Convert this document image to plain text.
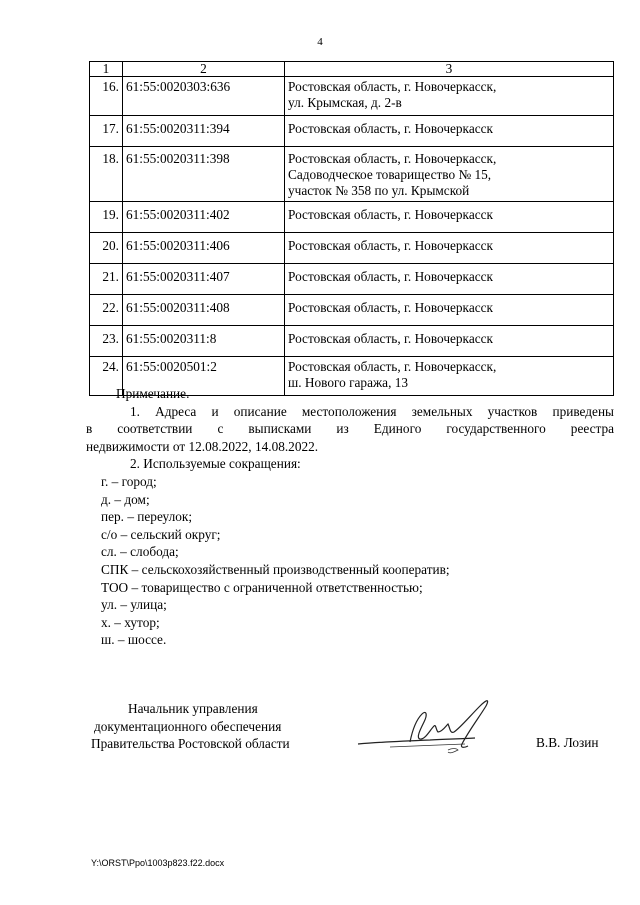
4
1	2	3
16.	61:55:0020303:636	Ростовская область, г. Новочеркасск,
ул. Крымская, д. 2-в

17.	61:55:0020311:394	Ростовская область, г. Новочеркасск

18.	61:55:0020311:398	Ростовская область, г. Новочеркасск,
Садоводческое товарищество № 15,
участок № 358 по ул. Крымской

19.	61:55:0020311:402	Ростовская область, г. Новочеркасск

20.	61:55:0020311:406	Ростовская область, г. Новочеркасск

21.	61:55:0020311:407	Ростовская область, г. Новочеркасск

22.	61:55:0020311:408	Ростовская область, г. Новочеркасск

23.	61:55:0020311:8	Ростовская область, г. Новочеркасск

24.	61:55:0020501:2	Ростовская область, г. Новочеркасск,
ш. Нового гаража, 13

Примечание.

1. Адреса и описание местоположения земельных участков приведены

в соответствии с выписками из Единого государственного реестра

недвижимости от 12.08.2022, 14.08.2022.

2. Используемые сокращения:

г. – город;

д. – дом;

пер. – переулок;

с/о – сельский округ;

сл. – слобода;

СПК – сельскохозяйственный производственный кооператив;

ТОО – товарищество с ограниченной ответственностью;

ул. – улица;

х. – хутор;

ш. – шоссе.

Начальник управления
документационного обеспечения
Правительства Ростовской области	В.В. Лозин
Y:\ORST\Ppo\1003p823.f22.docx
